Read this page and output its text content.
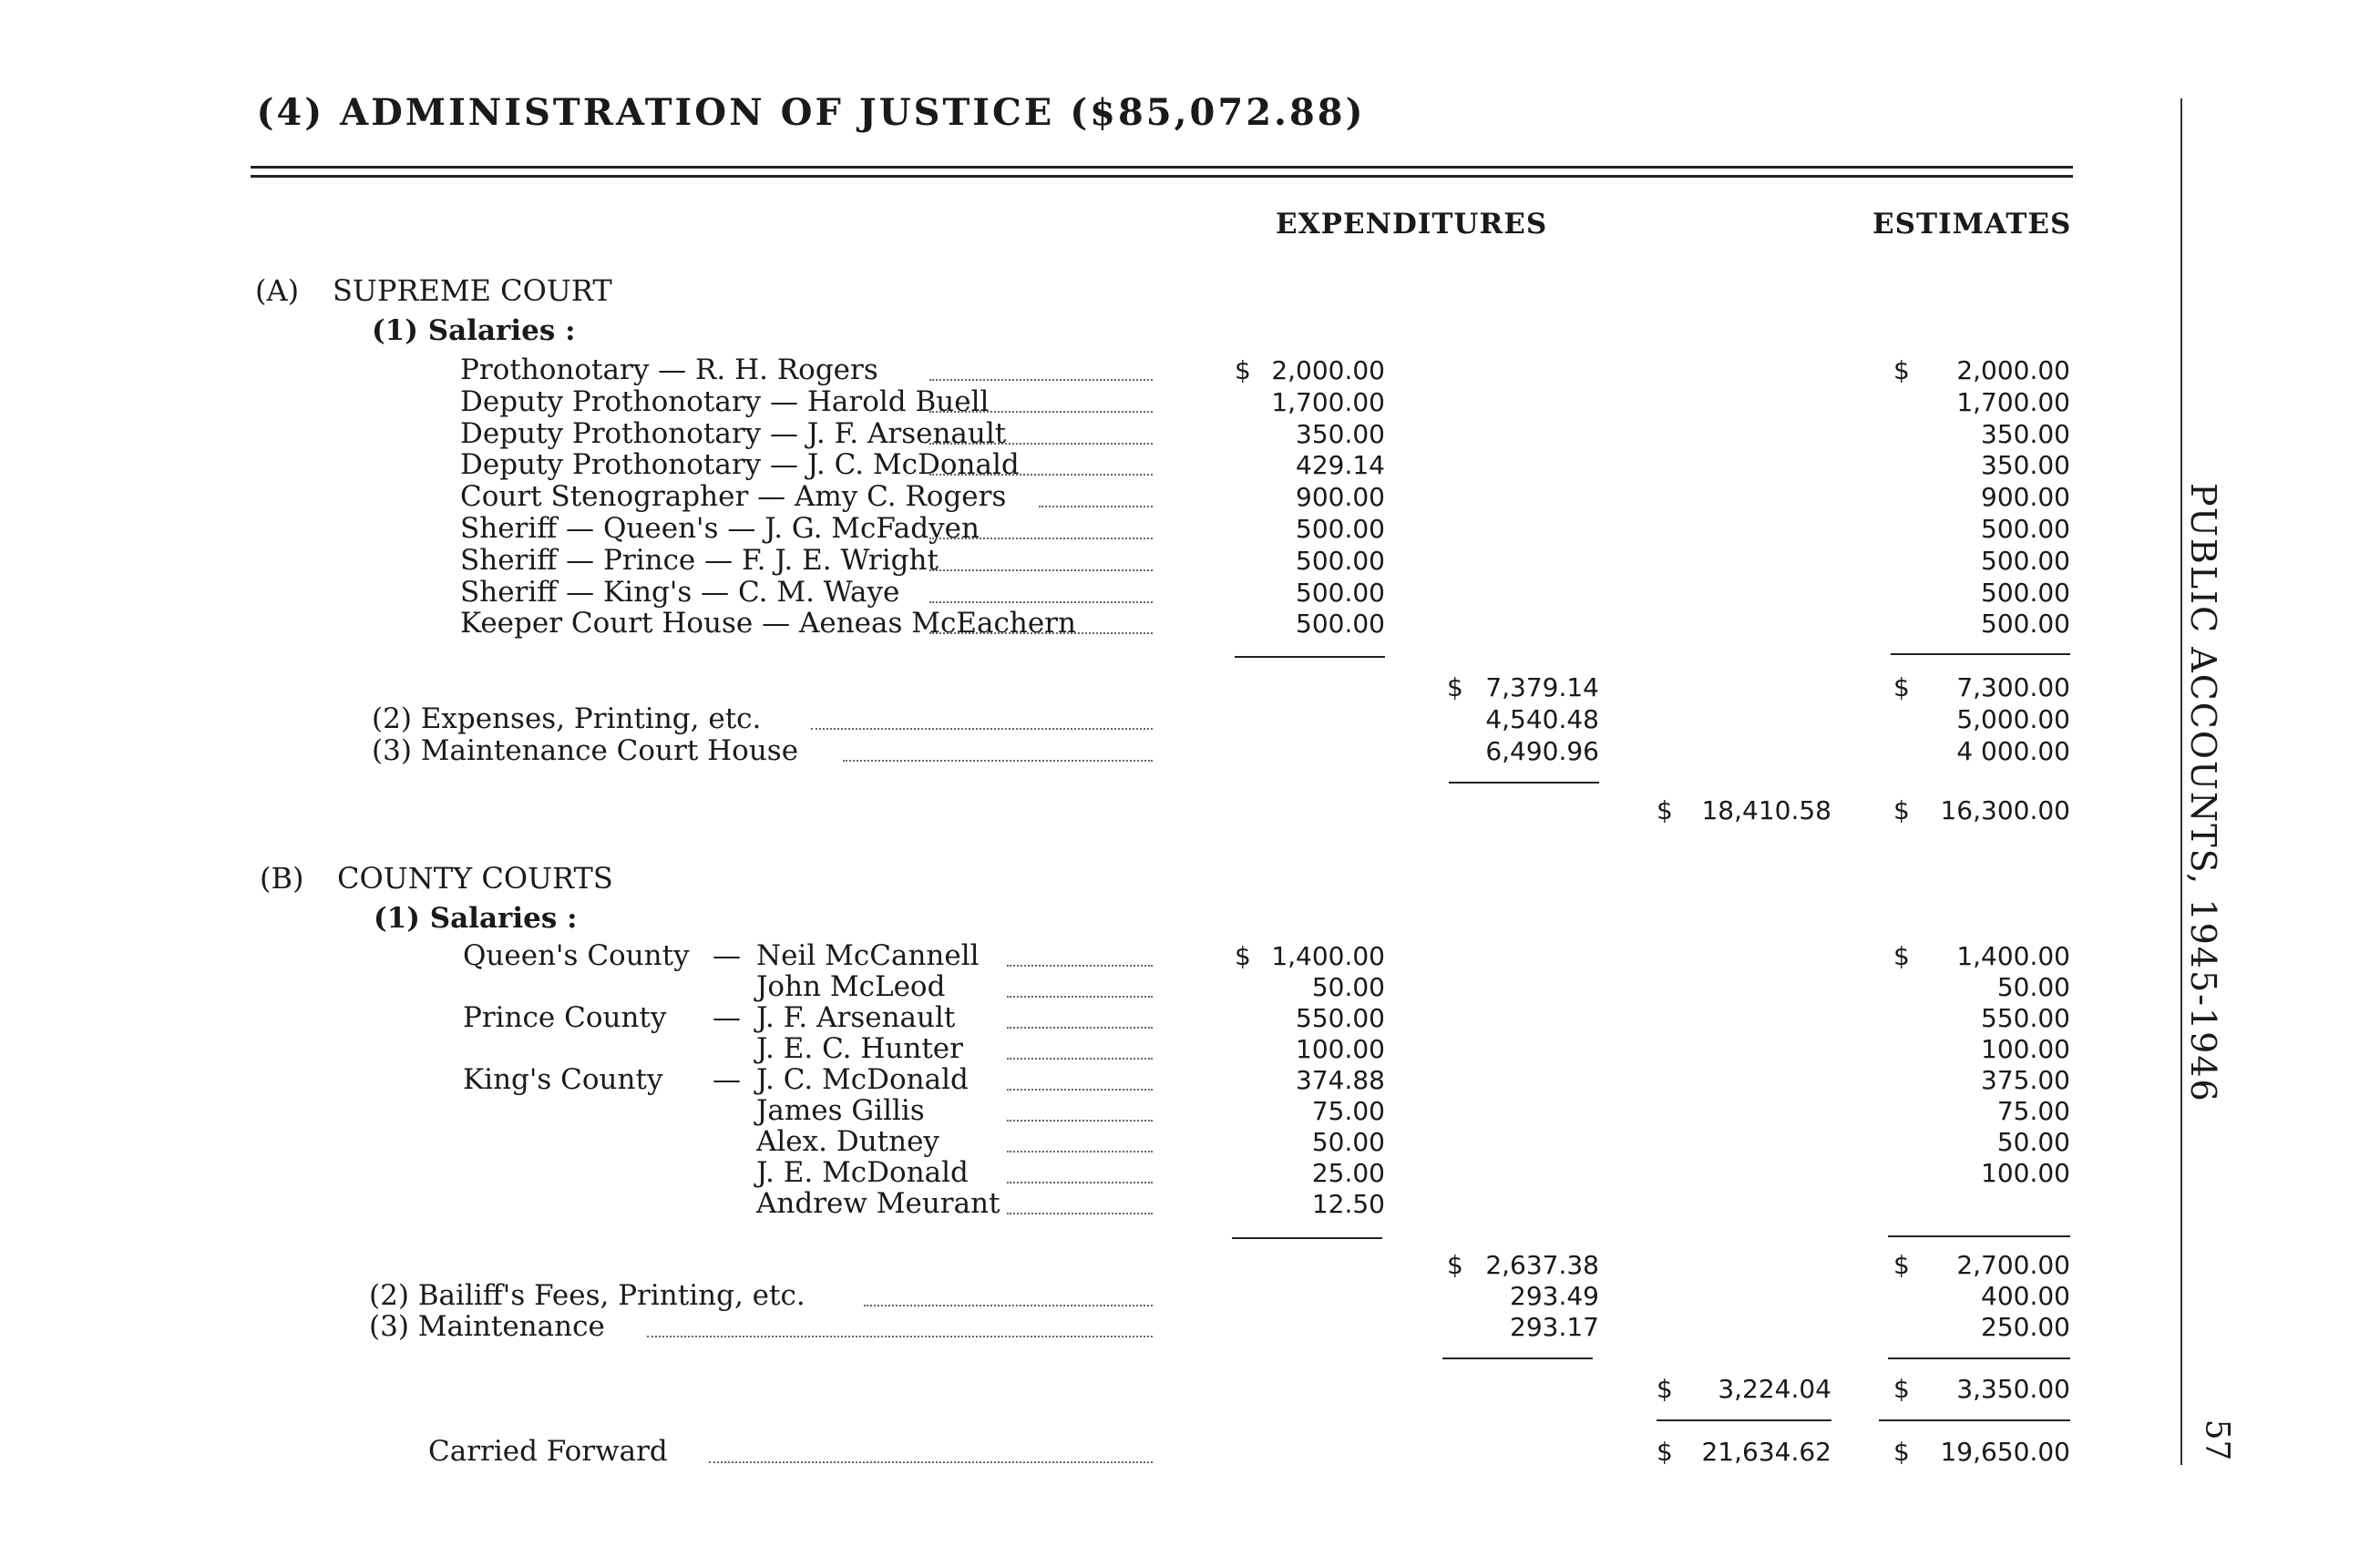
(4) ADMINISTRATION OF JUSTICE ($85,072.88)
EXPENDITURES	ESTIMATES
(A) SUPREME COURT
(1) Salaries :
(B) COUNTY COURTS
(1) Salaries :	PUBLIC ACCOUNTS, 1945-1946
57
Prothonotary — R. H. Rogers	2,000.00	2,000.00
$	$
Deputy Prothonotary — Harold Buell	1,700.00	1,700.00
Deputy Prothonotary — J. F. Arsenault	350.00	350.00
Deputy Prothonotary — J. C. McDonald	429.14	350.00
Court Stenographer — Amy C. Rogers	900.00	900.00
Sheriff — Queen's — J. G. McFadyen	500.00	500.00
Sheriff — Prince — F. J. E. Wright	500.00	500.00
Sheriff — King's — C. M. Waye	500.00	500.00
Keeper Court House — Aeneas McEachern	500.00	500.00
$ 7,379.14	$ 7,300.00
(2) Expenses, Printing, etc.	4,540.48	5,000.00
(3) Maintenance Court House	6,490.96	4 000.00
$ 18,410.58 $ 16,300.00
Queen's County — Neil McCannell	1,400.00	1,400.00
$	$
John McLeod	50.00	50.00
Prince County — J. F. Arsenault	550.00	550.00
J. E. C. Hunter	100.00	100.00
King's County — J. C. McDonald	374.88	375.00
James Gillis	75.00	75.00
Alex. Dutney	50.00	50.00
J. E. McDonald	25.00	100.00
Andrew Meurant	12.50
$ 2,637.38	$ 2,700.00
(2) Bailiff's Fees, Printing, etc.	293.49	400.00
(3) Maintenance	293.17	250.00
$ 3,224.04 $ 3,350.00
Carried Forward	$ 21,634.62 $ 19,650.00
